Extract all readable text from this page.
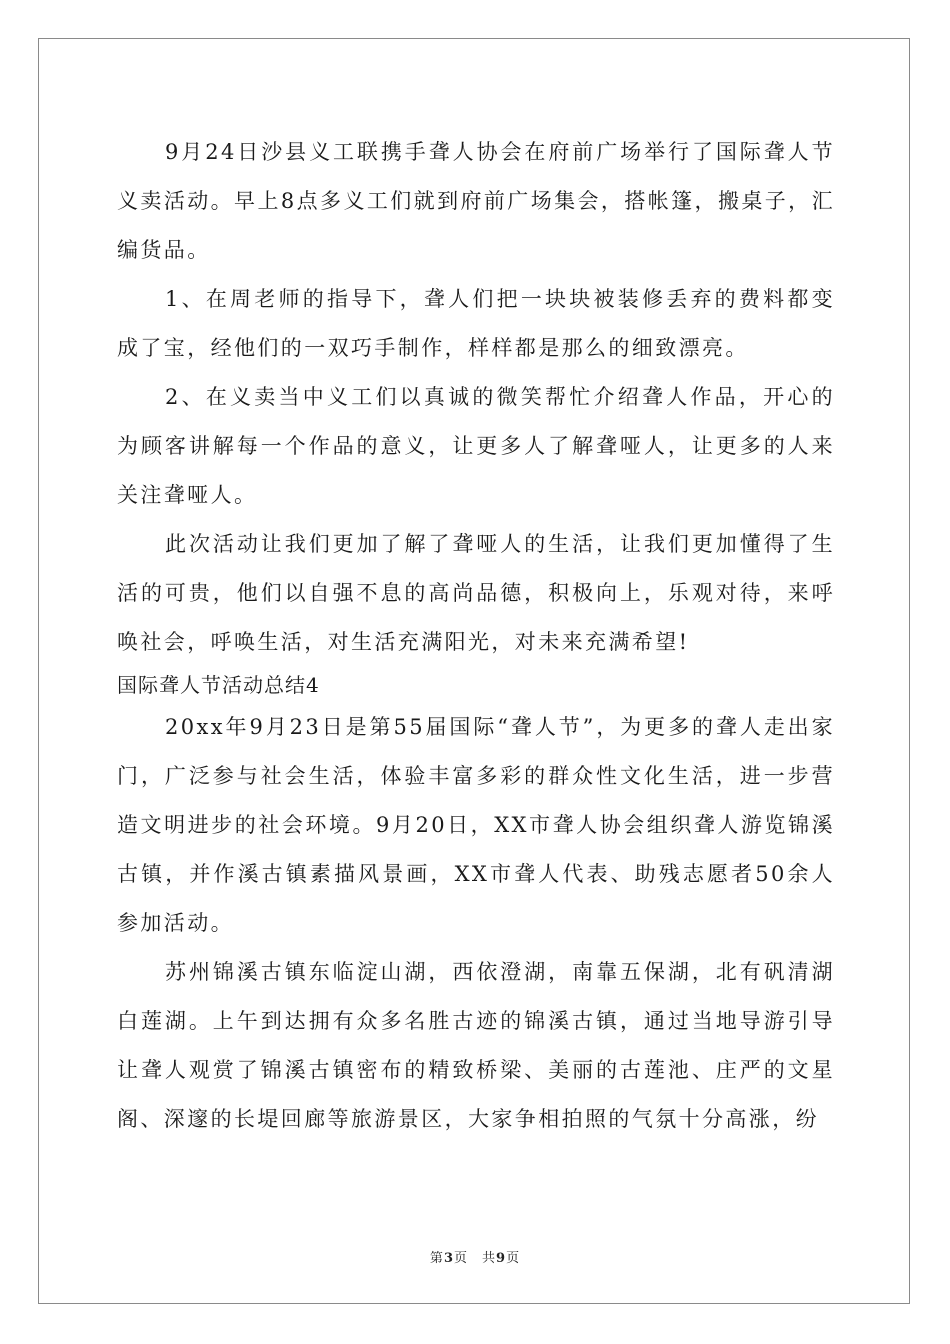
9月24日沙县义工联携手聋人协会在府前广场举行了国际聋人节义卖活动。早上8点多义工们就到府前广场集会，搭帐篷，搬桌子，汇编货品。

1、在周老师的指导下，聋人们把一块块被装修丢弃的费料都变成了宝，经他们的一双巧手制作，样样都是那么的细致漂亮。

2、在义卖当中义工们以真诚的微笑帮忙介绍聋人作品，开心的为顾客讲解每一个作品的意义，让更多人了解聋哑人，让更多的人来关注聋哑人。

此次活动让我们更加了解了聋哑人的生活，让我们更加懂得了生活的可贵，他们以自强不息的高尚品德，积极向上，乐观对待，来呼唤社会，呼唤生活，对生活充满阳光，对未来充满希望!

国际聋人节活动总结4

20xx年9月23日是第55届国际“聋人节”，为更多的聋人走出家门，广泛参与社会生活，体验丰富多彩的群众性文化生活，进一步营造文明进步的社会环境。9月20日，XX市聋人协会组织聋人游览锦溪古镇，并作溪古镇素描风景画，XX市聋人代表、助残志愿者50余人参加活动。

苏州锦溪古镇东临淀山湖，西依澄湖，南靠五保湖，北有矾清湖白莲湖。上午到达拥有众多名胜古迹的锦溪古镇，通过当地导游引导让聋人观赏了锦溪古镇密布的精致桥梁、美丽的古莲池、庄严的文星阁、深邃的长堤回廊等旅游景区，大家争相拍照的气氛十分高涨，纷

第3页 共9页
